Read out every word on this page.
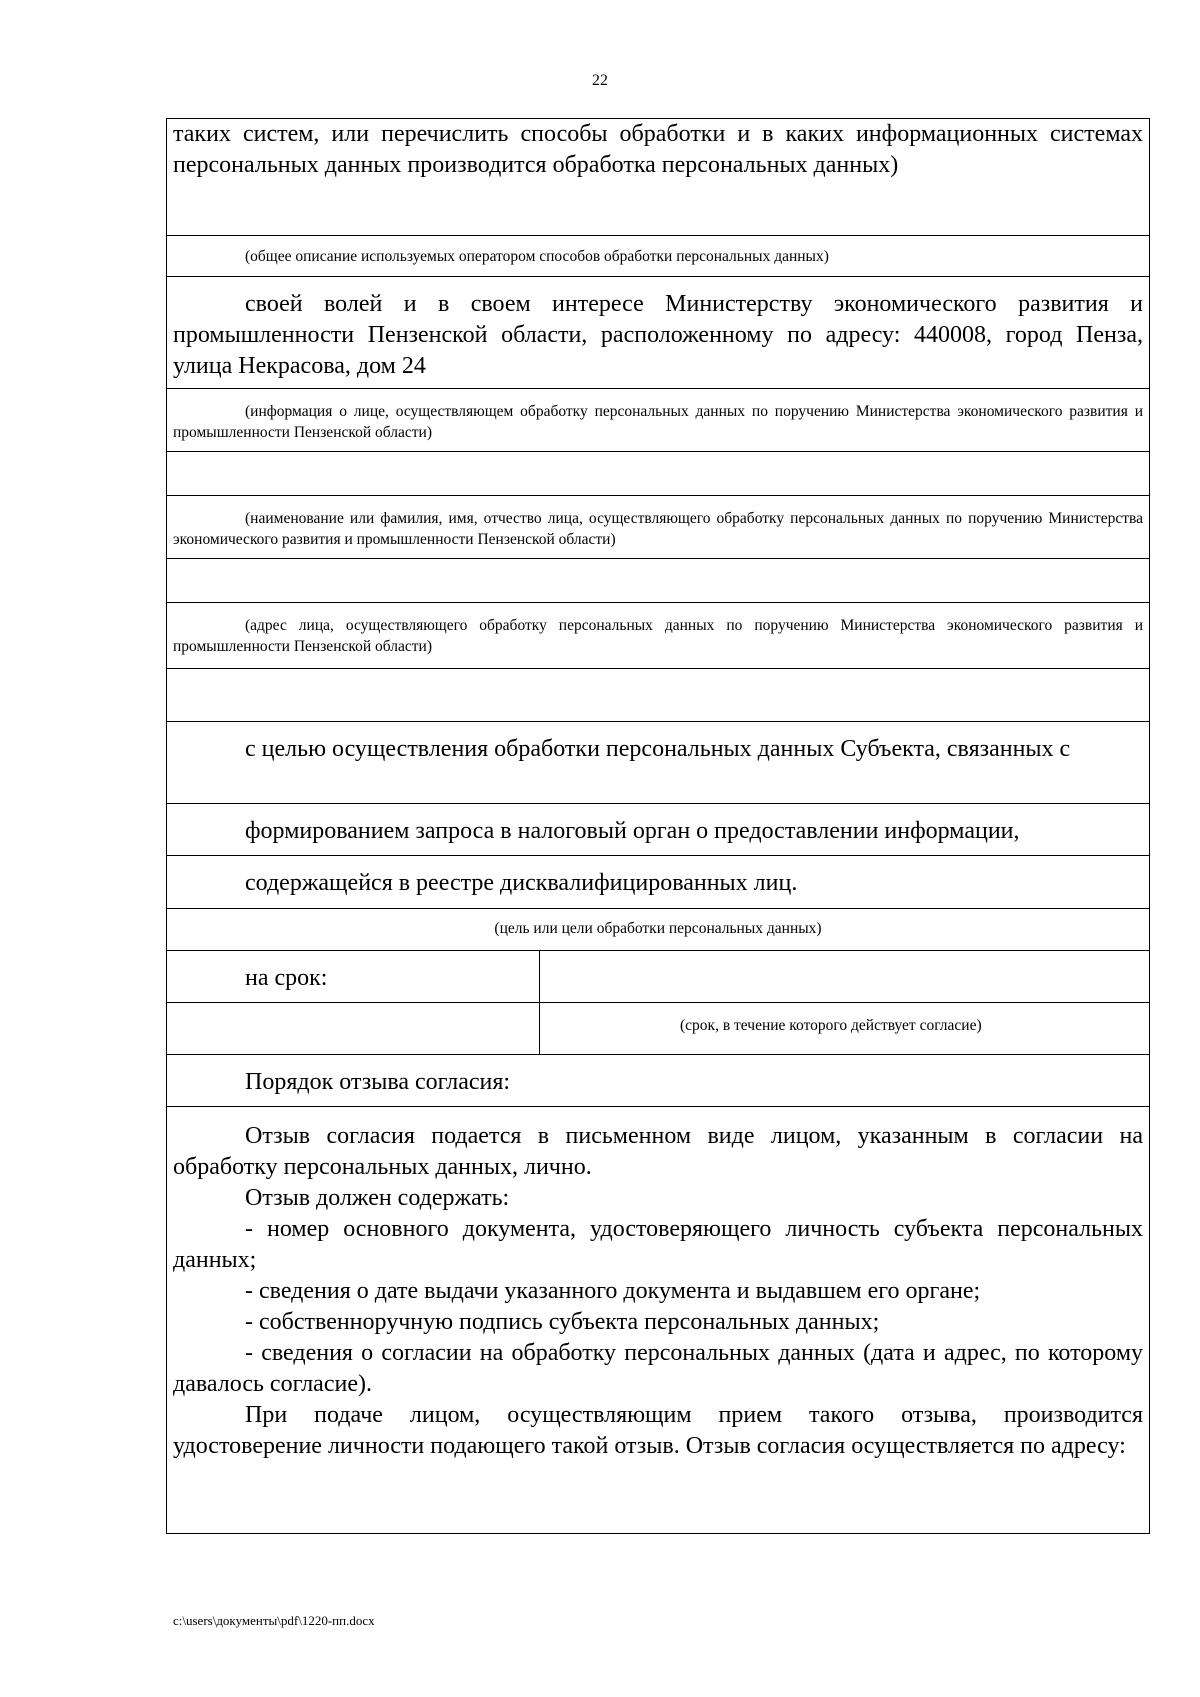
22
таких систем, или перечислить способы обработки и в каких информационных системах персональных данных производится обработка персональных данных)

(общее описание используемых оператором способов обработки персональных данных)

своей волей и в своем интересе Министерству экономического развития и промышленности Пензенской области, расположенному по адресу: 440008, город Пенза, улица Некрасова, дом 24

(информация о лице, осуществляющем обработку персональных данных по поручению Министерства экономического развития и промышленности Пензенской области)

(наименование или фамилия, имя, отчество лица, осуществляющего обработку персональных данных по поручению Министерства экономического развития и промышленности Пензенской области)

(адрес лица, осуществляющего обработку персональных данных по поручению Министерства экономического развития и промышленности Пензенской области)

с целью осуществления обработки персональных данных Субъекта, связанных с

формированием запроса в налоговый орган о предоставлении информации,

содержащейся в реестре дисквалифицированных лиц.

(цель или цели обработки персональных данных)

на срок:

(срок, в течение которого действует согласие)

Порядок отзыва согласия:

Отзыв согласия подается в письменном виде лицом, указанным в согласии на обработку персональных данных, лично.

Отзыв должен содержать:

- номер основного документа, удостоверяющего личность субъекта персональных данных;

- сведения о дате выдачи указанного документа и выдавшем его органе;

- собственноручную подпись субъекта персональных данных;

- сведения о согласии на обработку персональных данных (дата и адрес, по которому давалось согласие).

При подаче лицом, осуществляющим прием такого отзыва, производится удостоверение личности подающего такой отзыв. Отзыв согласия осуществляется по адресу:

c:\users\документы\pdf\1220-пп.docx
